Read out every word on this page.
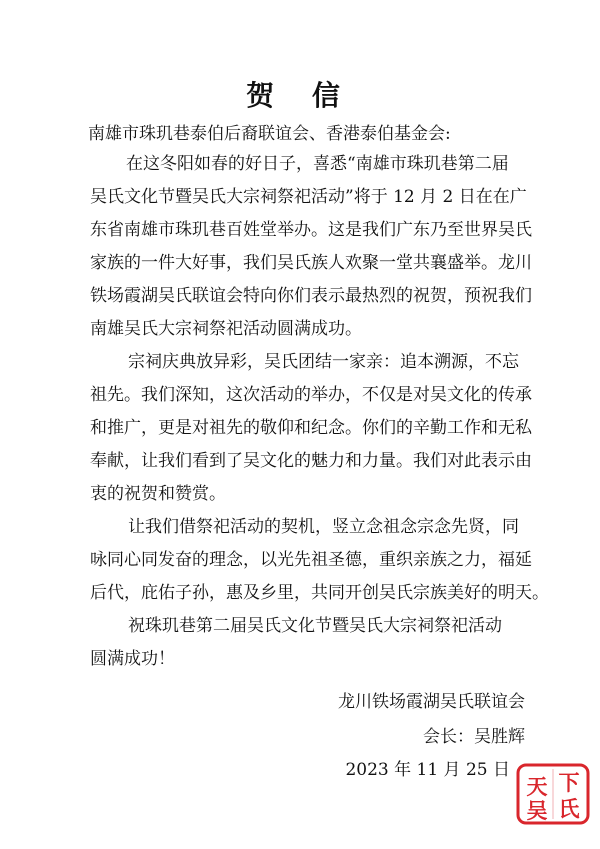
贺 信
南雄市珠玑巷泰伯后裔联谊会、香港泰伯基金会:
在这冬阳如春的好日子，喜悉“南雄市珠玑巷第二届
吴氏文化节暨吴氏大宗祠祭祀活动”将于 12 月 2 日在在广
东省南雄市珠玑巷百姓堂举办。这是我们广东乃至世界吴氏
家族的一件大好事，我们吴氏族人欢聚一堂共襄盛举。龙川
铁场霞湖吴氏联谊会特向你们表示最热烈的祝贺，预祝我们
南雄吴氏大宗祠祭祀活动圆满成功。
宗祠庆典放异彩，吴氏团结一家亲：追本溯源，不忘
祖先。我们深知，这次活动的举办，不仅是对吴文化的传承
和推广，更是对祖先的敬仰和纪念。你们的辛勤工作和无私
奉献，让我们看到了吴文化的魅力和力量。我们对此表示由
衷的祝贺和赞赏。
让我们借祭祀活动的契机，竖立念祖念宗念先贤，同
咏同心同发奋的理念，以光先祖圣德，重织亲族之力，福延
后代，庇佑子孙，惠及乡里，共同开创吴氏宗族美好的明天。
祝珠玑巷第二届吴氏文化节暨吴氏大宗祠祭祀活动
圆满成功！
龙川铁场霞湖吴氏联谊会
会长：吴胜辉
2023 年 11 月 25 日
下
天
氏
吴
